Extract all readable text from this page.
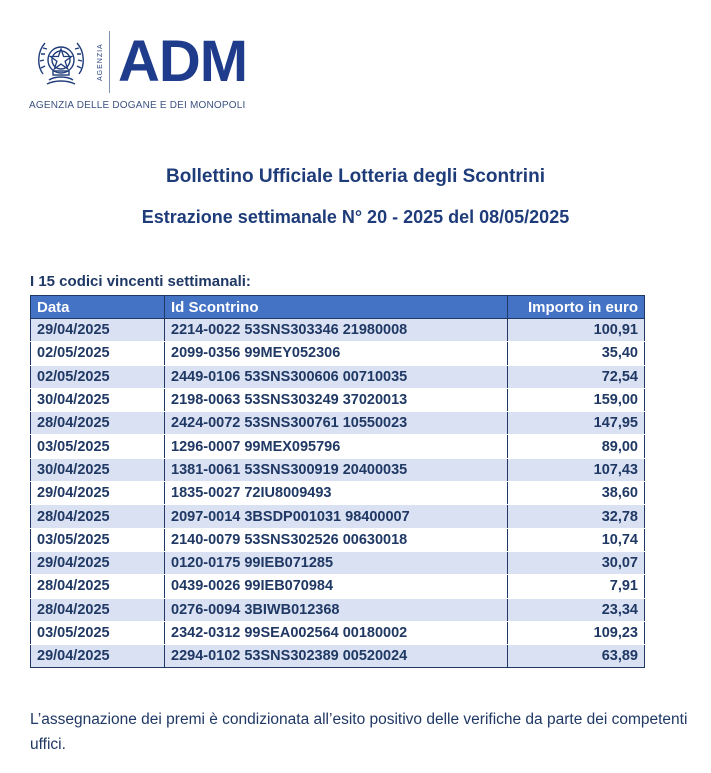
AGENZIA ADM
AGENZIA DELLE DOGANE E DEI MONOPOLI
Bollettino Ufficiale Lotteria degli Scontrini
Estrazione settimanale N° 20 - 2025 del 08/05/2025
I 15 codici vincenti settimanali:
Data	Id Scontrino	Importo in euro
29/04/2025	2214-0022 53SNS303346 21980008	100,91
02/05/2025	2099-0356 99MEY052306	35,40
02/05/2025	2449-0106 53SNS300606 00710035	72,54
30/04/2025	2198-0063 53SNS303249 37020013	159,00
28/04/2025	2424-0072 53SNS300761 10550023	147,95
03/05/2025	1296-0007 99MEX095796	89,00
30/04/2025	1381-0061 53SNS300919 20400035	107,43
29/04/2025	1835-0027 72IU8009493	38,60
28/04/2025	2097-0014 3BSDP001031 98400007	32,78
03/05/2025	2140-0079 53SNS302526 00630018	10,74
29/04/2025	0120-0175 99IEB071285	30,07
28/04/2025	0439-0026 99IEB070984	7,91
28/04/2025	0276-0094 3BIWB012368	23,34
03/05/2025	2342-0312 99SEA002564 00180002	109,23
29/04/2025	2294-0102 53SNS302389 00520024	63,89
L’assegnazione dei premi è condizionata all’esito positivo delle verifiche da parte dei competenti uffici.
